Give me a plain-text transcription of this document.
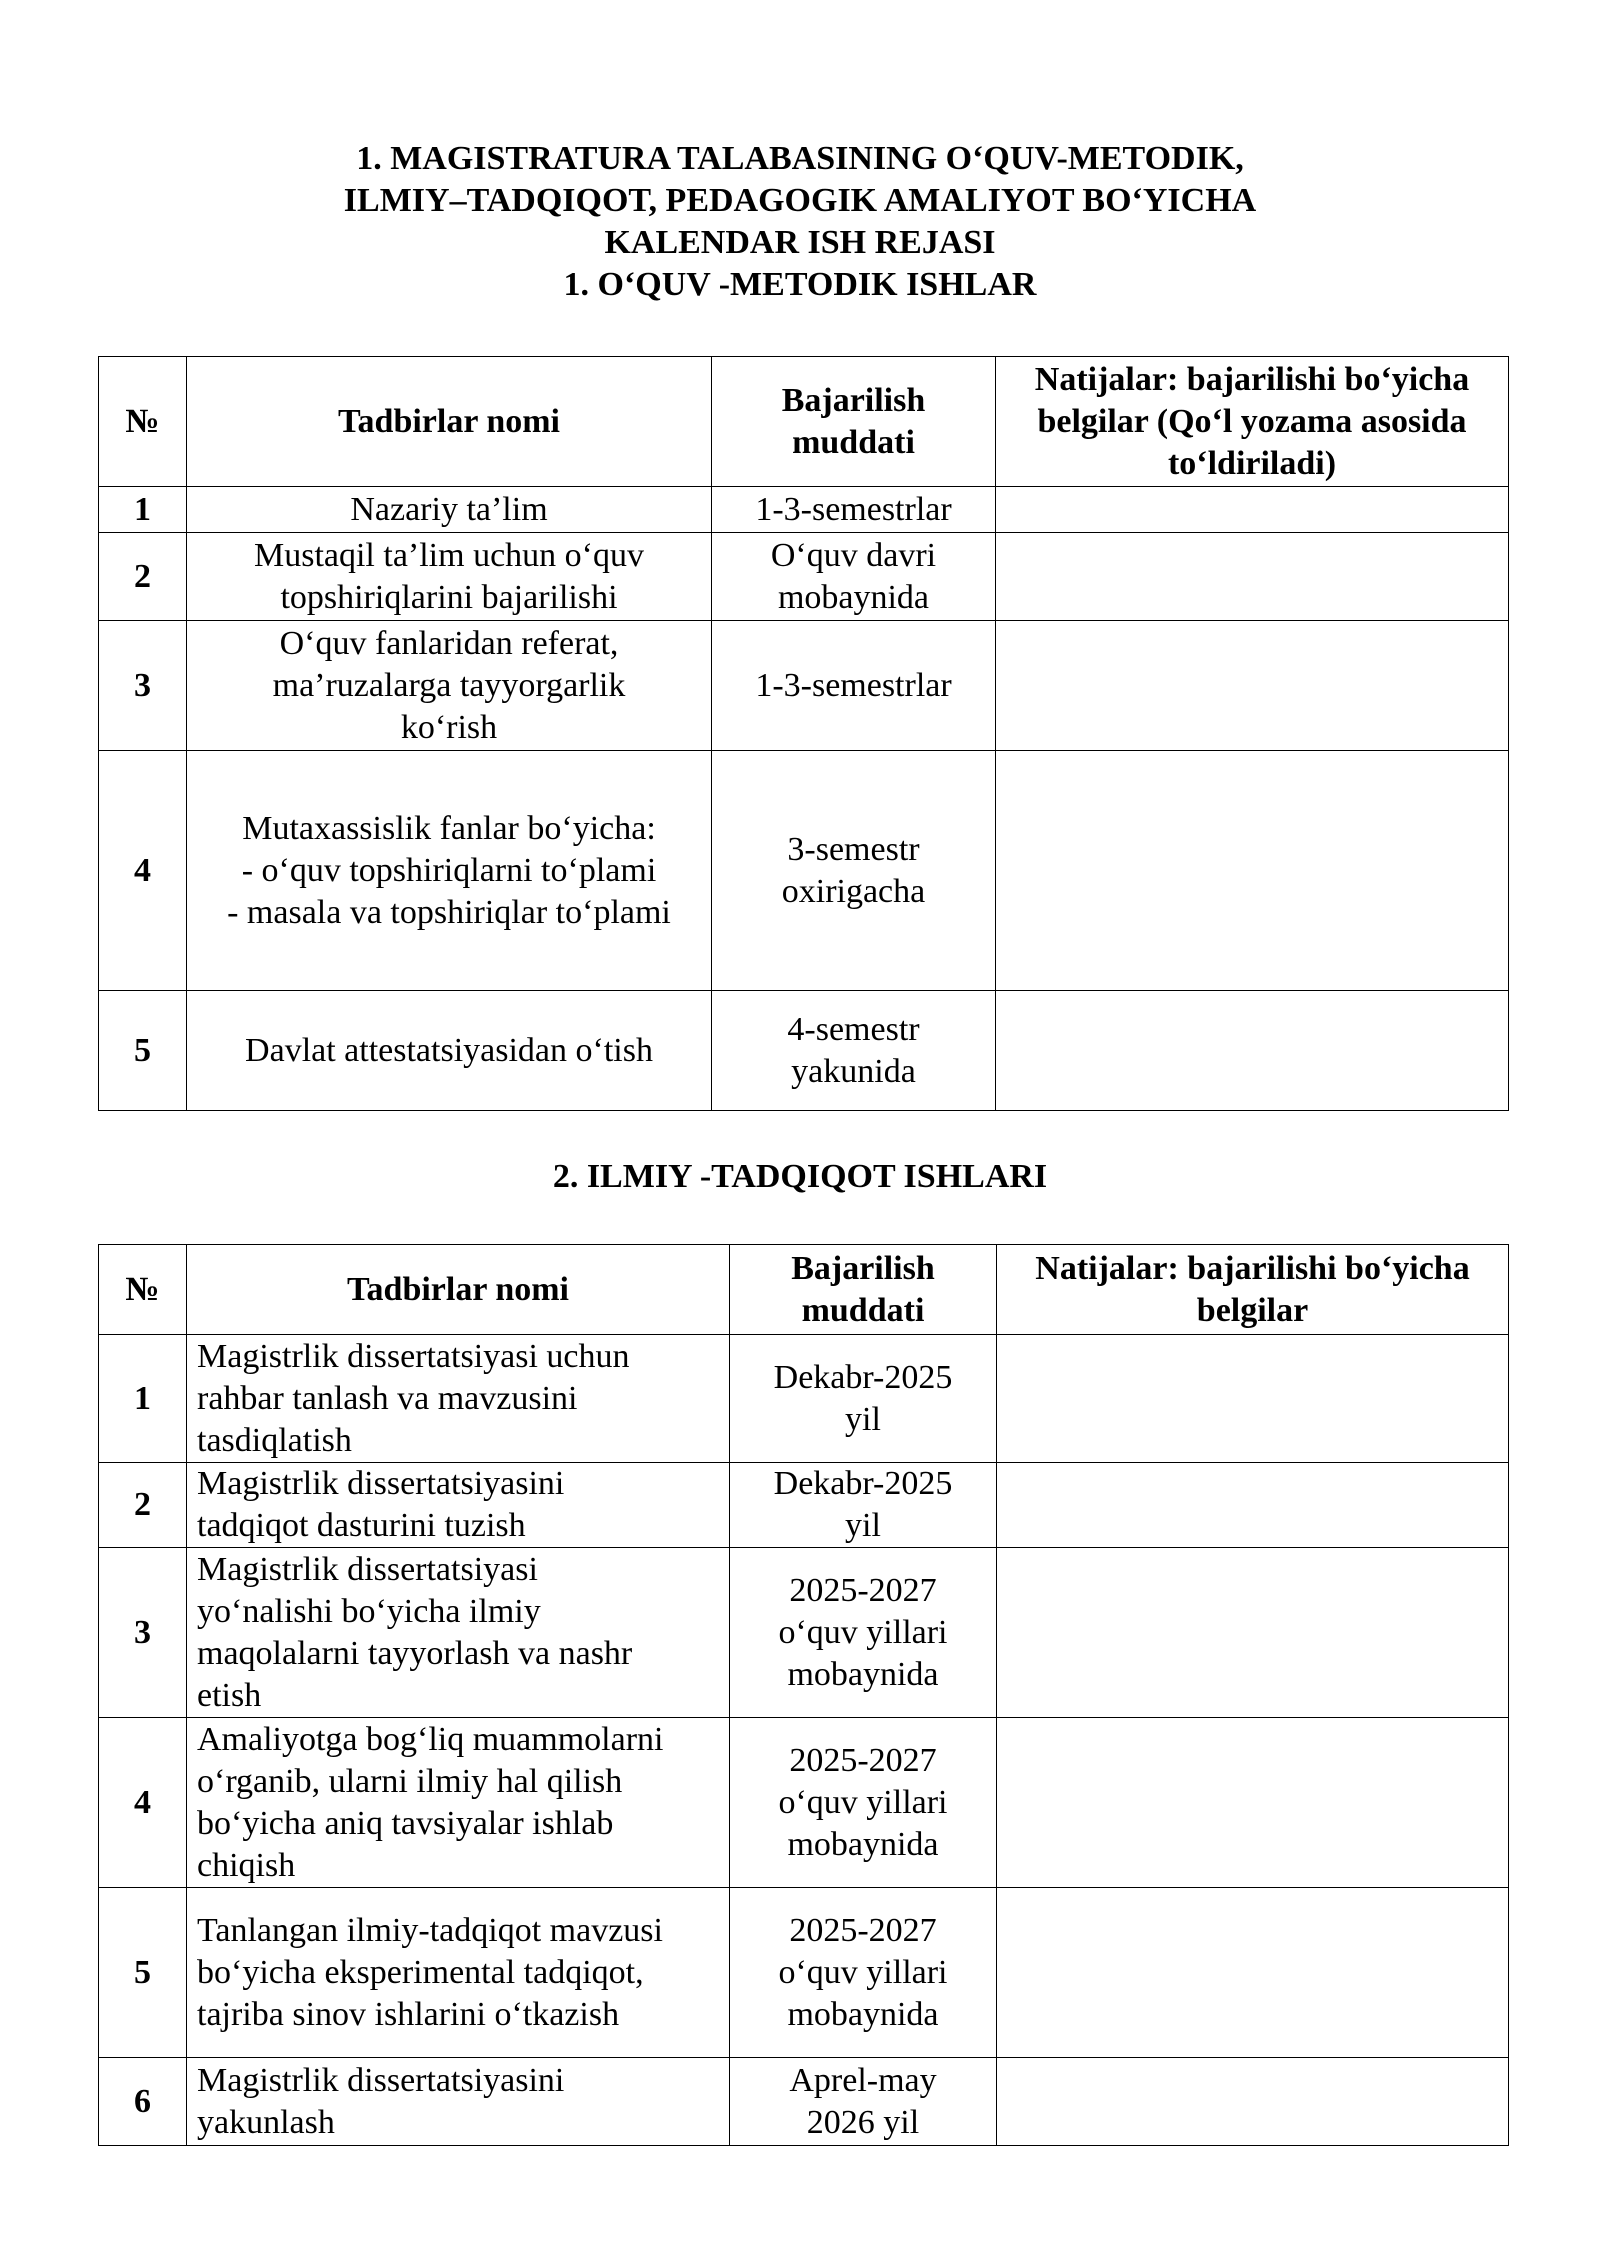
1. MAGISTRATURA TALABASINING O‘QUV-METODIK,
ILMIY–TADQIQOT, PEDAGOGIK AMALIYOT BO‘YICHA
KALENDAR ISH REJASI
1. O‘QUV -METODIK ISHLAR
№	Tadbirlar nomi	Bajarilish
muddati	Natijalar: bajarilishi bo‘yicha
belgilar (Qo‘l yozama asosida
to‘ldiriladi)

1	Nazariy ta’lim	1-3-semestrlar	

2	Mustaqil ta’lim uchun o‘quv
topshiriqlarini bajarilishi	O‘quv davri
mobaynida	

3	O‘quv fanlaridan referat,
ma’ruzalarga tayyorgarlik
ko‘rish	1-3-semestrlar	

4	Mutaxassislik fanlar bo‘yicha:
- o‘quv topshiriqlarni to‘plami
- masala va topshiriqlar to‘plami	3-semestr
oxirigacha	

5	Davlat attestatsiyasidan o‘tish	4-semestr
yakunida	

2. ILMIY -TADQIQOT ISHLARI
№	Tadbirlar nomi	Bajarilish
muddati	Natijalar: bajarilishi bo‘yicha
belgilar

1	Magistrlik dissertatsiyasi uchun
rahbar tanlash va mavzusini
tasdiqlatish	Dekabr-2025
yil	

2	Magistrlik dissertatsiyasini
tadqiqot dasturini tuzish	Dekabr-2025
yil	

3	Magistrlik dissertatsiyasi
yo‘nalishi bo‘yicha ilmiy
maqolalarni tayyorlash va nashr
etish	2025-2027
o‘quv yillari
mobaynida	

4	Amaliyotga bog‘liq muammolarni
o‘rganib, ularni ilmiy hal qilish
bo‘yicha aniq tavsiyalar ishlab
chiqish	2025-2027
o‘quv yillari
mobaynida	

5	Tanlangan ilmiy-tadqiqot mavzusi
bo‘yicha eksperimental tadqiqot,
tajriba sinov ishlarini o‘tkazish	2025-2027
o‘quv yillari
mobaynida	

6	Magistrlik dissertatsiyasini
yakunlash	Aprel-may
2026 yil	
